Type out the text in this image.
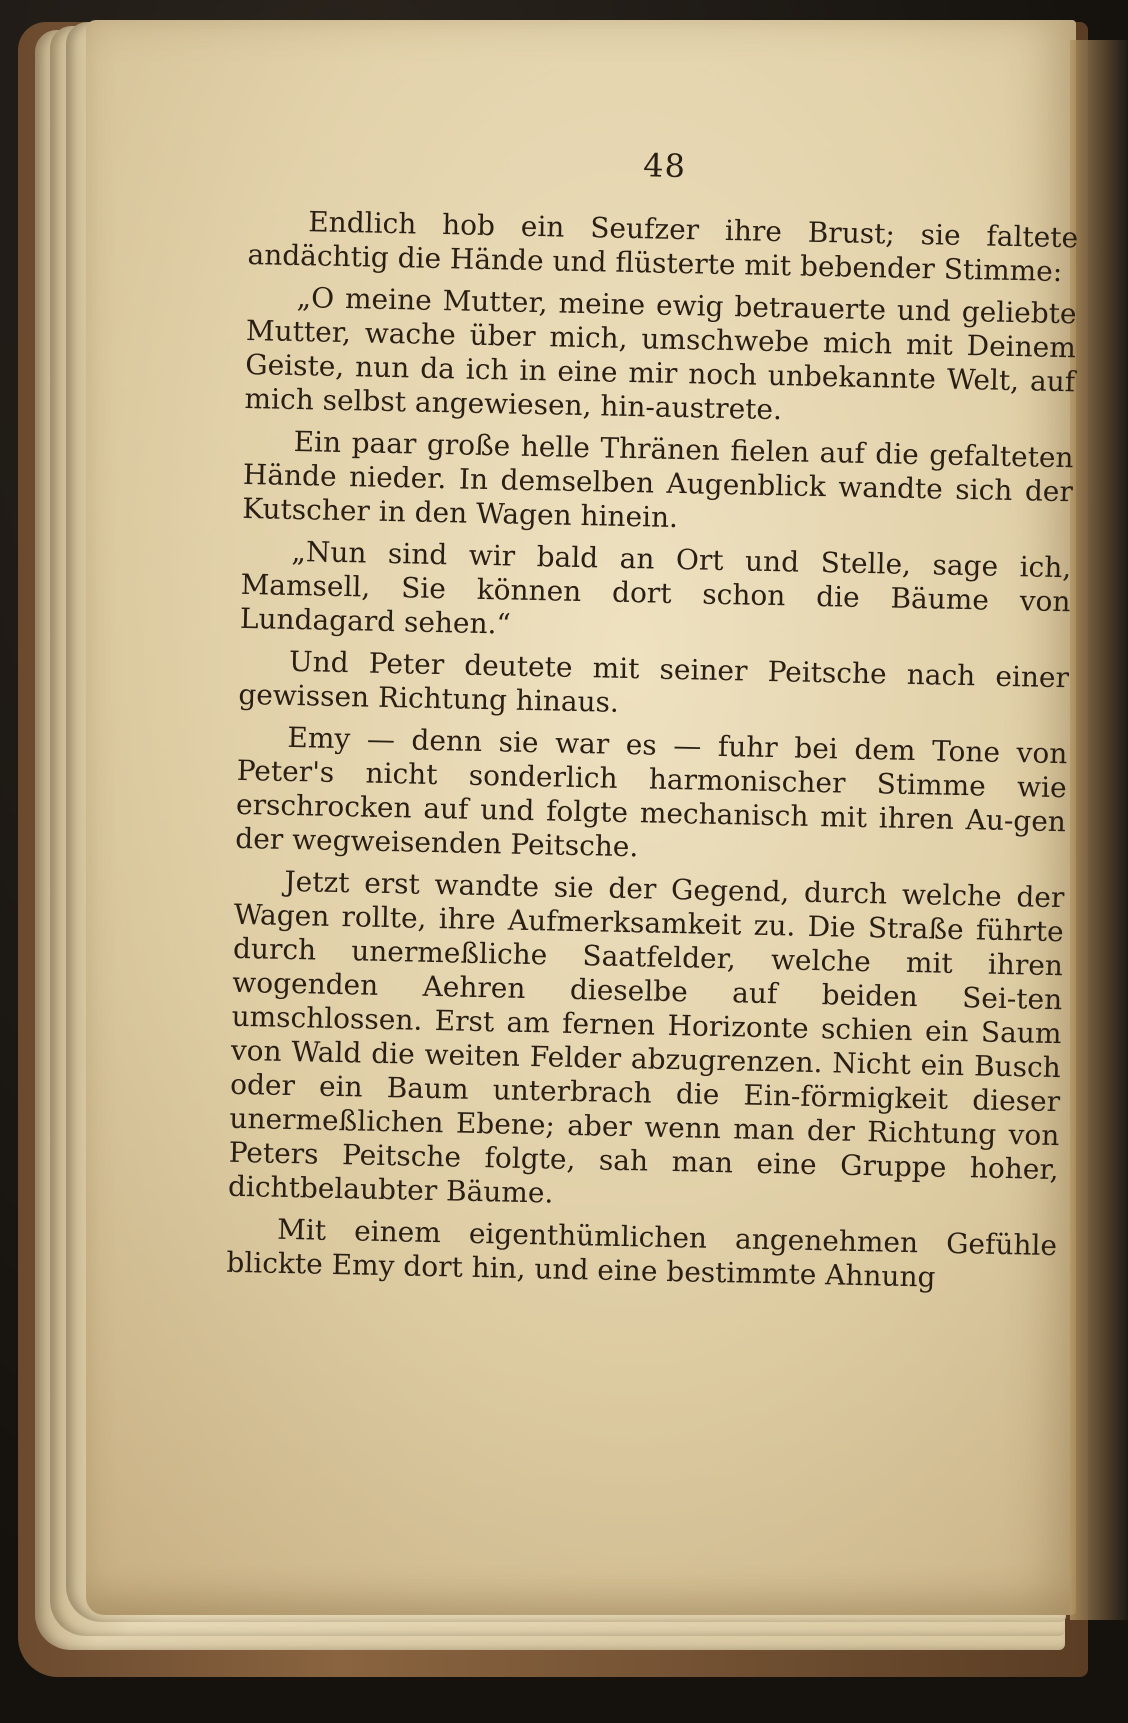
48

Endlich hob ein Seufzer ihre Brust; sie faltete andächtig die Hände und flüsterte mit bebender Stimme:

„O meine Mutter, meine ewig betrauerte und geliebte Mutter, wache über mich, umschwebe mich mit Deinem Geiste, nun da ich in eine mir noch unbekannte Welt, auf mich selbst angewiesen, hin-austrete.

Ein paar große helle Thränen fielen auf die gefalteten Hände nieder. In demselben Augenblick wandte sich der Kutscher in den Wagen hinein.

„Nun sind wir bald an Ort und Stelle, sage ich, Mamsell, Sie können dort schon die Bäume von Lundagard sehen.“

Und Peter deutete mit seiner Peitsche nach einer gewissen Richtung hinaus.

Emy — denn sie war es — fuhr bei dem Tone von Peter's nicht sonderlich harmonischer Stimme wie erschrocken auf und folgte mechanisch mit ihren Au-gen der wegweisenden Peitsche.

Jetzt erst wandte sie der Gegend, durch welche der Wagen rollte, ihre Aufmerksamkeit zu. Die Straße führte durch unermeßliche Saatfelder, welche mit ihren wogenden Aehren dieselbe auf beiden Sei-ten umschlossen. Erst am fernen Horizonte schien ein Saum von Wald die weiten Felder abzugrenzen. Nicht ein Busch oder ein Baum unterbrach die Ein-förmigkeit dieser unermeßlichen Ebene; aber wenn man der Richtung von Peters Peitsche folgte, sah man eine Gruppe hoher, dichtbelaubter Bäume.

Mit einem eigenthümlichen angenehmen Gefühle blickte Emy dort hin, und eine bestimmte Ahnung
